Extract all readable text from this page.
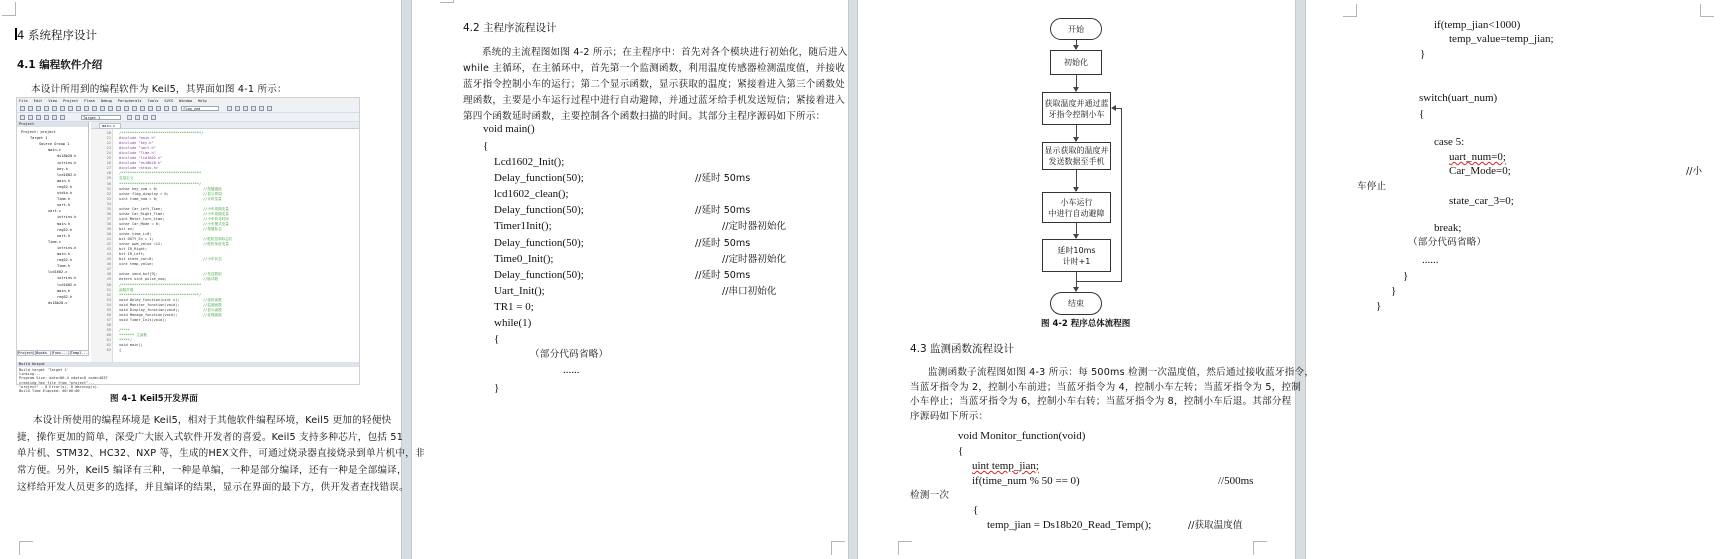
4 系统程序设计
4.1 编程软件介绍
本设计所用到的编程软件为 Keil5，其界面如图 4-1 所示：
File Edit View Project Flash Debug Peripherals Tools SVCS Window Help
flag_zed
Target 1
Project
Project: project
Target 1
Source Group 1
main.c
ds18b20.h
intrins.h
key.h
lcd1602.h
main.h
reg52.h
stdio.h
Time.h
uart.h
uart.c
intrins.h
main.h
reg52.h
uart.h
Time.c
intrins.h
main.h
reg52.h
Time.h
lcd1602.c
intrins.h
lcd1602.h
main.h
reg52.h
ds18b20.c
Project Books	Func... Templ...
main.c
20 /*************************************/
21 #include "main.h"
22 #include "key.h"
23 #include "uart.h"
24 #include "Time.h"
25 #include "lcd1602.h"
26 #include "ds18b20.h"
27 #include <stdio.h>
28 /*************************************
29 变量定义
30 *************************************/
31 uchar key_num = 0;	//按键键值
32 uchar flag_display = 0;	//显示界面
33 uint time_num = 0;	//计时变量
34
35 uchar Car_Left_Time;	//小车周期变量
36 uchar Car_Right_Time;	//小车周期变量
37 uint Motor_turn_time;	//小车转弯时间
38 uchar Car_Mode = 0;	//小车模式变量
39 bit en;	//按键标志
40 uchar time_i=0;
41 bit DUTY_En = 1;	//舵机控制标志位
42 uchar pwm_value =12;	//舵机角度变量
43 bit IR_Right;
44 bit IR_Left;
45 bit state_car=0;	//小车状态
46 uint temp_value;
47
48 uchar send_buf[9];	//发送数组
49 extern uint pulse_num;	//脉冲数
50 /*************************************
51 函数声明
52 *************************************/
53 void Delay_function(uint x);	//延时函数
54 void Monitor_function(void);	//监测函数
55 void Display_function(void);	//显示函数
56 void Manage_function(void);	//处理函数
57 void Timer_Init(void);
58
59 /****
60 ******* 主函数
61 *****/
62 void main()
63 {
Build Output
Build target 'Target 1'
linking...
Program Size: data=86.4 xdata=0 code=4837
creating hex file from "project"...
"project" - 0 Error(s), 0 Warning(s).
Build Time Elapsed: 00:00:00
图 4-1 Keil5开发界面
本设计所使用的编程环境是 Keil5，相对于其他软件编程环境，Keil5 更加的轻便快
捷，操作更加的简单，深受广大嵌入式软件开发者的喜爱。Keil5 支持多种芯片，包括 51
单片机、STM32、HC32、NXP 等，生成的HEX文件，可通过烧录器直接烧录到单片机中，非
常方便。另外，Keil5 编译有三种，一种是单编，一种是部分编译，还有一种是全部编译，
这样给开发人员更多的选择，并且编译的结果，显示在界面的最下方，供开发者查找错误。
4.2 主程序流程设计
系统的主流程图如图 4-2 所示；在主程序中：首先对各个模块进行初始化，随后进入
while 主循环，在主循环中，首先第一个监测函数，利用温度传感器检测温度值，并接收
蓝牙指令控制小车的运行；第二个显示函数，显示获取的温度；紧接着进入第三个函数处
理函数，主要是小车运行过程中进行自动避障，并通过蓝牙给手机发送短信；紧接着进入
第四个函数延时函数，主要控制各个函数扫描的时间。其部分主程序源码如下所示：
void main()
{
Lcd1602_Init();
Delay_function(50);	//延时 50ms
lcd1602_clean();
Delay_function(50);	//延时 50ms
Timer1Init();	//定时器初始化
Delay_function(50);	//延时 50ms
Time0_Init();	//定时器初始化
Delay_function(50);	//延时 50ms
Uart_Init();	//串口初始化
TR1 = 0;
while(1)
{
（部分代码省略）
......
}
开始
初始化
获取温度并通过蓝
牙指令控制小车
显示获取的温度并
发送数据至手机
小车运行
中进行自动避障
延时10ms
计时+1
结束
图 4-2 程序总体流程图
4.3 监测函数流程设计
监测函数子流程图如图 4-3 所示：每 500ms 检测一次温度值，然后通过接收蓝牙指令，
当蓝牙指令为 2，控制小车前进；当蓝牙指令为 4，控制小车左转；当蓝牙指令为 5，控制
小车停止；当蓝牙指令为 6，控制小车右转；当蓝牙指令为 8，控制小车后退。其部分程
序源码如下所示：
void Monitor_function(void)
{
uint temp_jian;
if(time_num % 50 == 0)	//500ms
检测一次
{
temp_jian = Ds18b20_Read_Temp();	//获取温度值
if(temp_jian<1000)
temp_value=temp_jian;
}
switch(uart_num)
{
case 5:
uart_num=0;
Car_Mode=0;	//小
车停止
state_car_3=0;
break;
（部分代码省略）
......
}
}
}
